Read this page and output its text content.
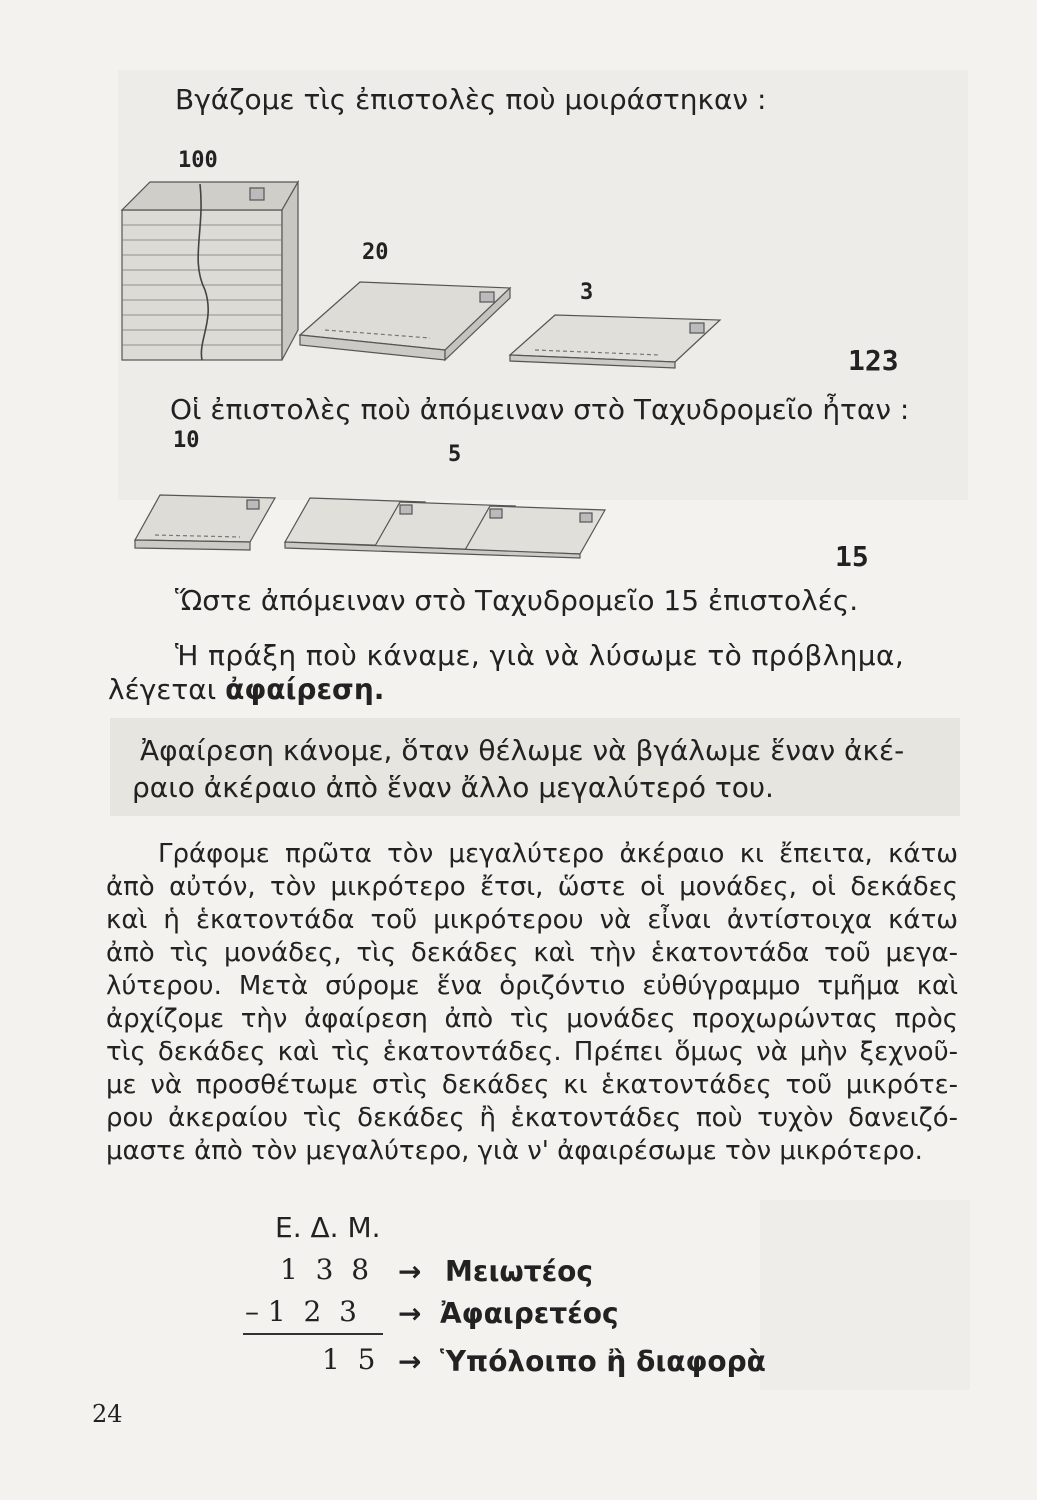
Βγάζομε τὶς ἐπιστολὲς ποὺ μοιράστηκαν :
100
20
3
123
Οἱ ἐπιστολὲς ποὺ ἀπόμειναν στὸ Ταχυδρομεῖο ἦταν :
10
5
15
Ὥστε ἀπόμειναν στὸ Ταχυδρομεῖο 15 ἐπιστολές.
Ἡ πράξη ποὺ κάναμε, γιὰ νὰ λύσωμε τὸ πρόβλημα,
λέγεται ἀφαίρεση.
Ἀφαίρεση κάνομε, ὅταν θέλωμε νὰ βγάλωμε ἕναν ἀκέ-
ραιο ἀκέραιο ἀπὸ ἕναν ἄλλο μεγαλύτερό του.
Γράφομε πρῶτα τὸν μεγαλύτερο ἀκέραιο κι ἔπειτα, κάτω
ἀπὸ αὐτόν, τὸν μικρότερο ἔτσι, ὥστε οἱ μονάδες, οἱ δεκάδες
καὶ ἡ ἑκατοντάδα τοῦ μικρότερου νὰ εἶναι ἀντίστοιχα κάτω
ἀπὸ τὶς μονάδες, τὶς δεκάδες καὶ τὴν ἑκατοντάδα τοῦ μεγα-
λύτερου. Μετὰ σύρομε ἕνα ὁριζόντιο εὐθύγραμμο τμῆμα καὶ
ἀρχίζομε τὴν ἀφαίρεση ἀπὸ τὶς μονάδες προχωρώντας πρὸς
τὶς δεκάδες καὶ τὶς ἑκατοντάδες. Πρέπει ὅμως νὰ μὴν ξεχνοῦ-
με νὰ προσθέτωμε στὶς δεκάδες κι ἑκατοντάδες τοῦ μικρότε-
ρου ἀκεραίου τὶς δεκάδες ἢ ἑκατοντάδες ποὺ τυχὸν δανειζό-
μαστε ἀπὸ τὸν μεγαλύτερο, γιὰ ν' ἀφαιρέσωμε τὸν μικρότερο.
Ε. Δ. Μ.
1  3  8 → Μειωτέος
– 1  2  3 → Ἀφαιρετέος
1  5 → Ὑπόλοιπο ἢ διαφορὰ
24
